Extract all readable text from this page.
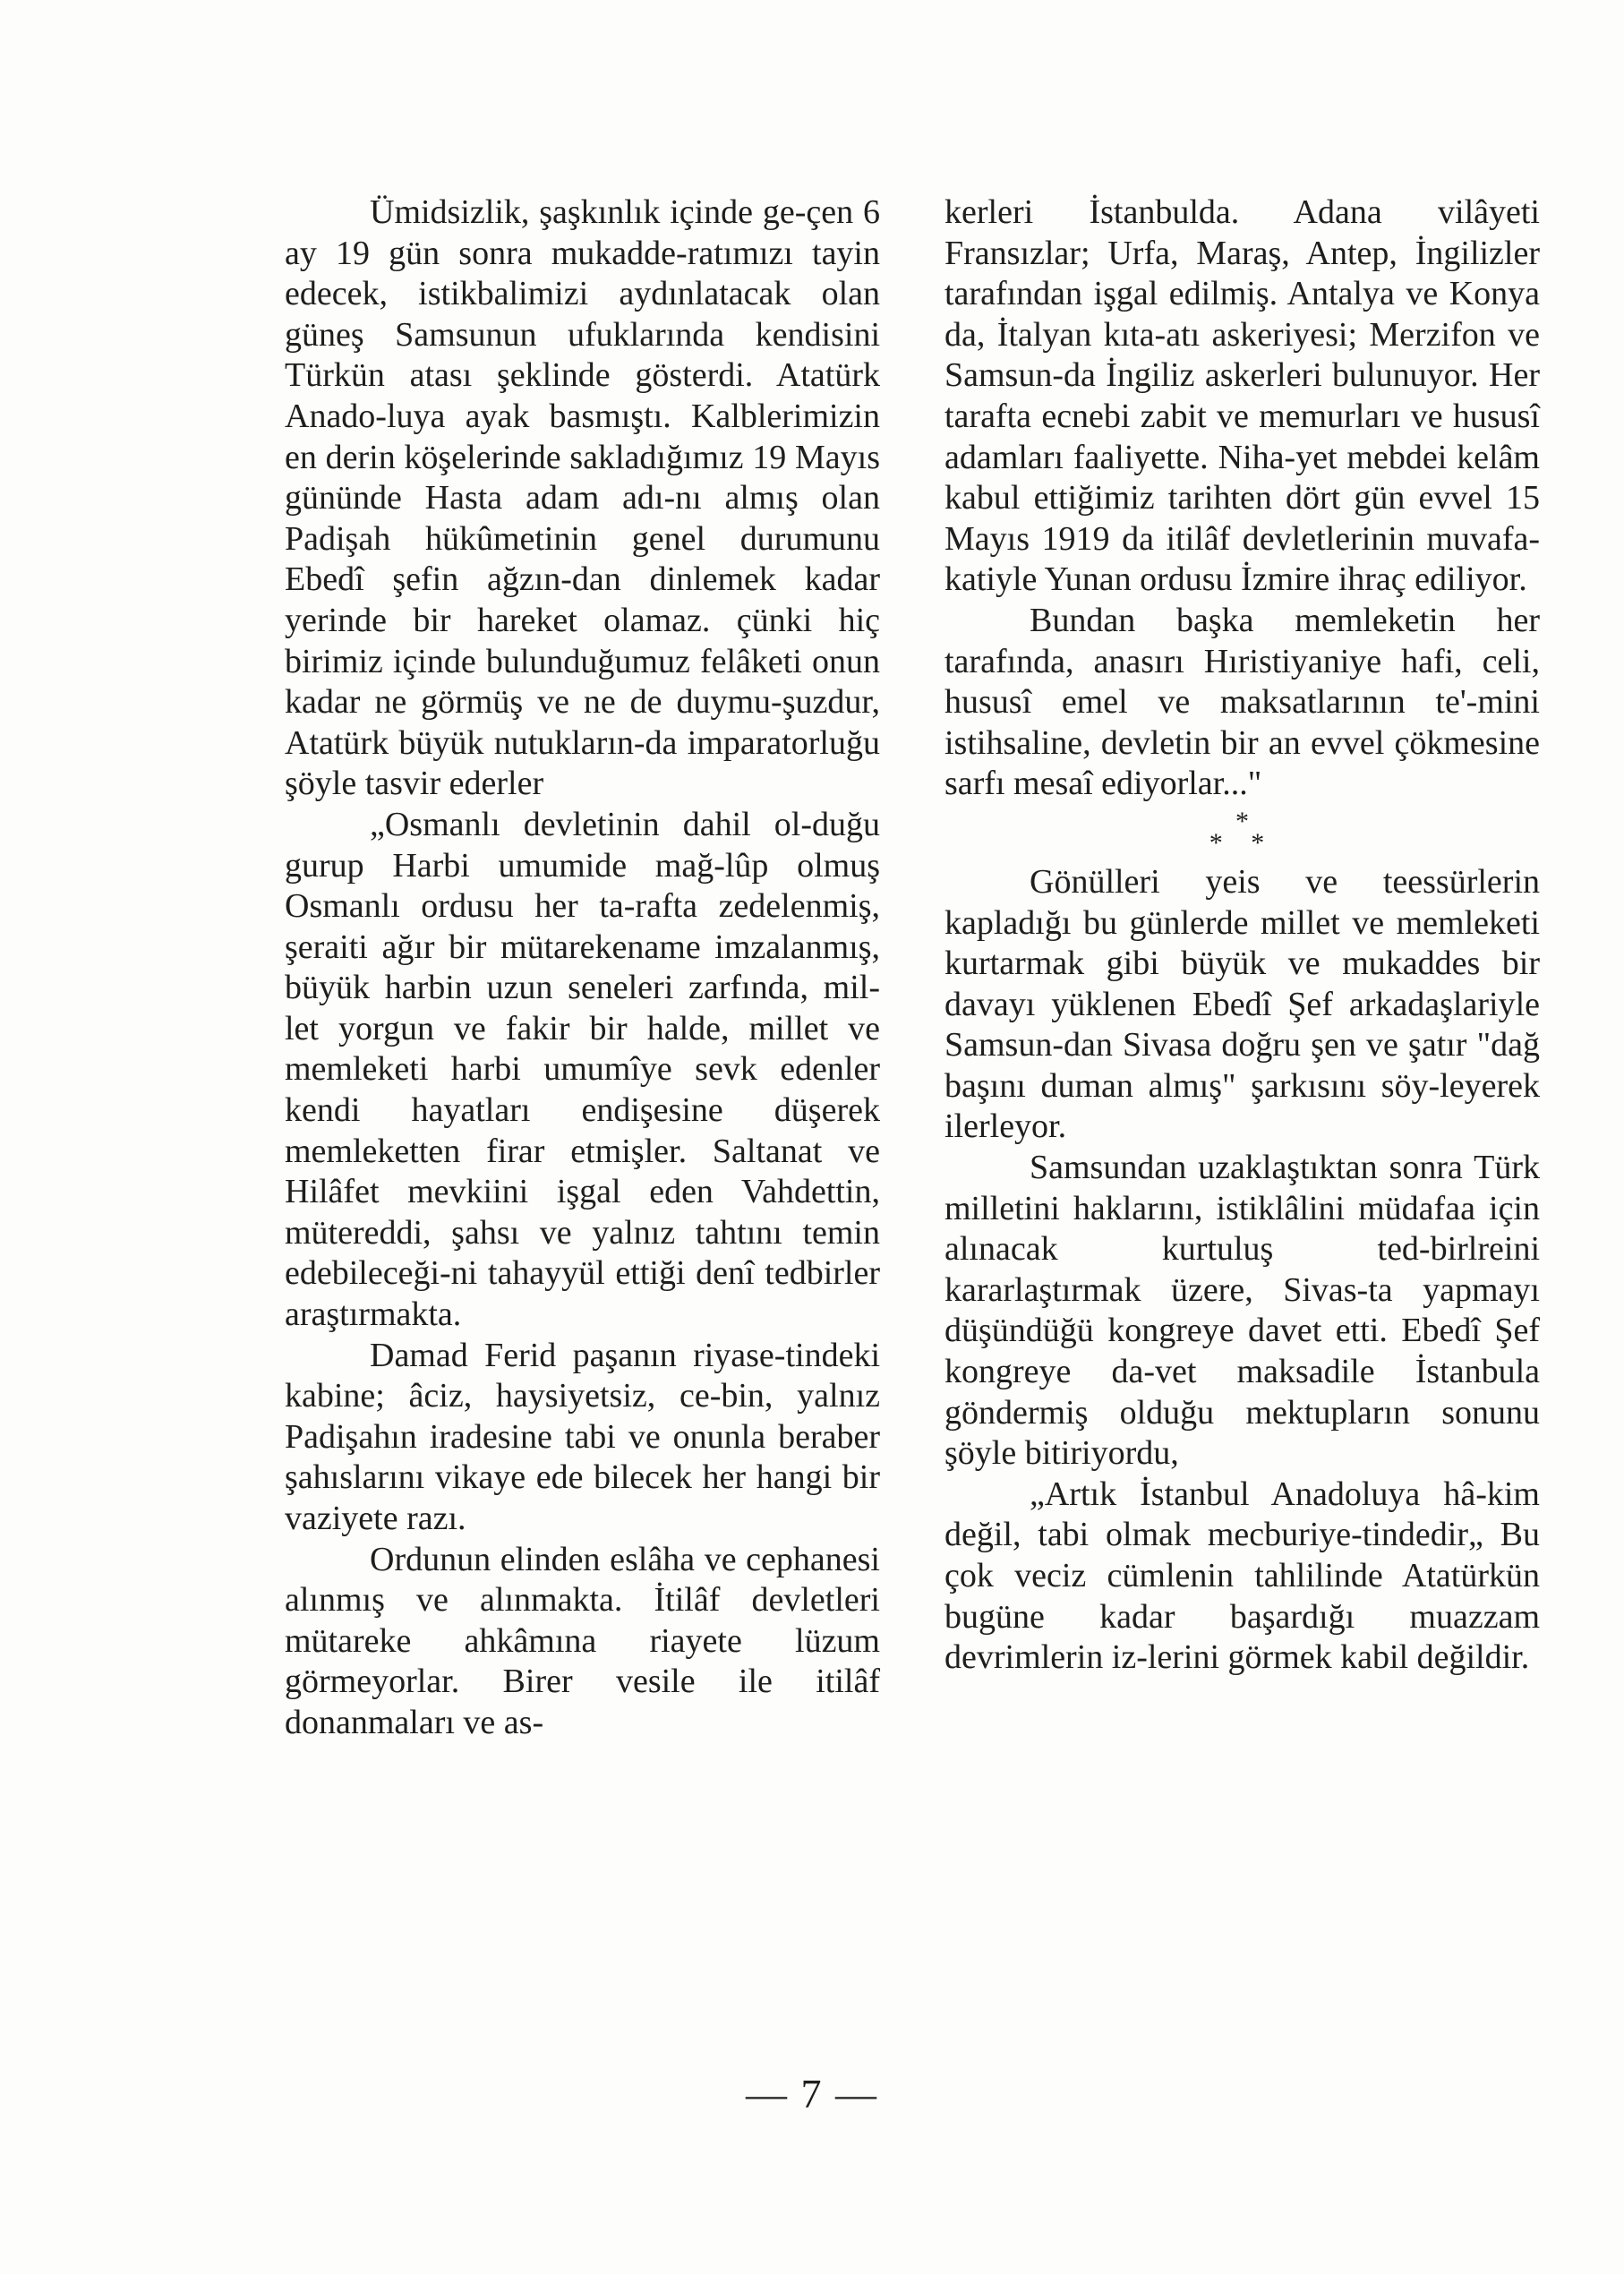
Ümidsizlik, şaşkınlık içinde ge-çen 6 ay 19 gün sonra mukadde-ratımızı tayin edecek, istikbalimizi aydınlatacak olan güneş Samsunun ufuklarında kendisini Türkün atası şeklinde gösterdi. Atatürk Anado-luya ayak basmıştı. Kalblerimizin en derin köşelerinde sakladığımız 19 Mayıs gününde Hasta adam adı-nı almış olan Padişah hükûmetinin genel durumunu Ebedî şefin ağzın-dan dinlemek kadar yerinde bir hareket olamaz. çünki hiç birimiz içinde bulunduğumuz felâketi onun kadar ne görmüş ve ne de duymu-şuzdur, Atatürk büyük nutukların-da imparatorluğu şöyle tasvir ederler

„Osmanlı devletinin dahil ol-duğu gurup Harbi umumide mağ-lûp olmuş Osmanlı ordusu her ta-rafta zedelenmiş, şeraiti ağır bir mütarekename imzalanmış, büyük harbin uzun seneleri zarfında, mil-let yorgun ve fakir bir halde, millet ve memleketi harbi umumîye sevk edenler kendi hayatları endişesine düşerek memleketten firar etmişler. Saltanat ve Hilâfet mevkiini işgal eden Vahdettin, mütereddi, şahsı ve yalnız tahtını temin edebileceği-ni tahayyül ettiği denî tedbirler araştırmakta.

Damad Ferid paşanın riyase-tindeki kabine; âciz, haysiyetsiz, ce-bin, yalnız Padişahın iradesine tabi ve onunla beraber şahıslarını vikaye ede bilecek her hangi bir vaziyete razı.

Ordunun elinden eslâha ve cephanesi alınmış ve alınmakta. İtilâf devletleri mütareke ahkâmına riayete lüzum görmeyorlar. Birer vesile ile itilâf donanmaları ve as-

kerleri İstanbulda. Adana vilâyeti Fransızlar; Urfa, Maraş, Antep, İngilizler tarafından işgal edilmiş. Antalya ve Konya da, İtalyan kıta-atı askeriyesi; Merzifon ve Samsun-da İngiliz askerleri bulunuyor. Her tarafta ecnebi zabit ve memurları ve hususî adamları faaliyette. Niha-yet mebdei kelâm kabul ettiğimiz tarihten dört gün evvel 15 Mayıs 1919 da itilâf devletlerinin muvafa-katiyle Yunan ordusu İzmire ihraç ediliyor.

Bundan başka memleketin her tarafında, anasırı Hıristiyaniye hafi, celi, hususî emel ve maksatlarının te'-mini istihsaline, devletin bir an evvel çökmesine sarfı mesaî ediyorlar..."

*
* *

Gönülleri yeis ve teessürlerin kapladığı bu günlerde millet ve memleketi kurtarmak gibi büyük ve mukaddes bir davayı yüklenen Ebedî Şef arkadaşlariyle Samsun-dan Sivasa doğru şen ve şatır "dağ başını duman almış" şarkısını söy-leyerek ilerleyor.

Samsundan uzaklaştıktan sonra Türk milletini haklarını, istiklâlini müdafaa için alınacak kurtuluş ted-birlreini kararlaştırmak üzere, Sivas-ta yapmayı düşündüğü kongreye davet etti. Ebedî Şef kongreye da-vet maksadile İstanbula göndermiş olduğu mektupların sonunu şöyle bitiriyordu,

„Artık İstanbul Anadoluya hâ-kim değil, tabi olmak mecburiye-tindedir„ Bu çok veciz cümlenin tahlilinde Atatürkün bugüne kadar başardığı muazzam devrimlerin iz-lerini görmek kabil değildir.

— 7 —
